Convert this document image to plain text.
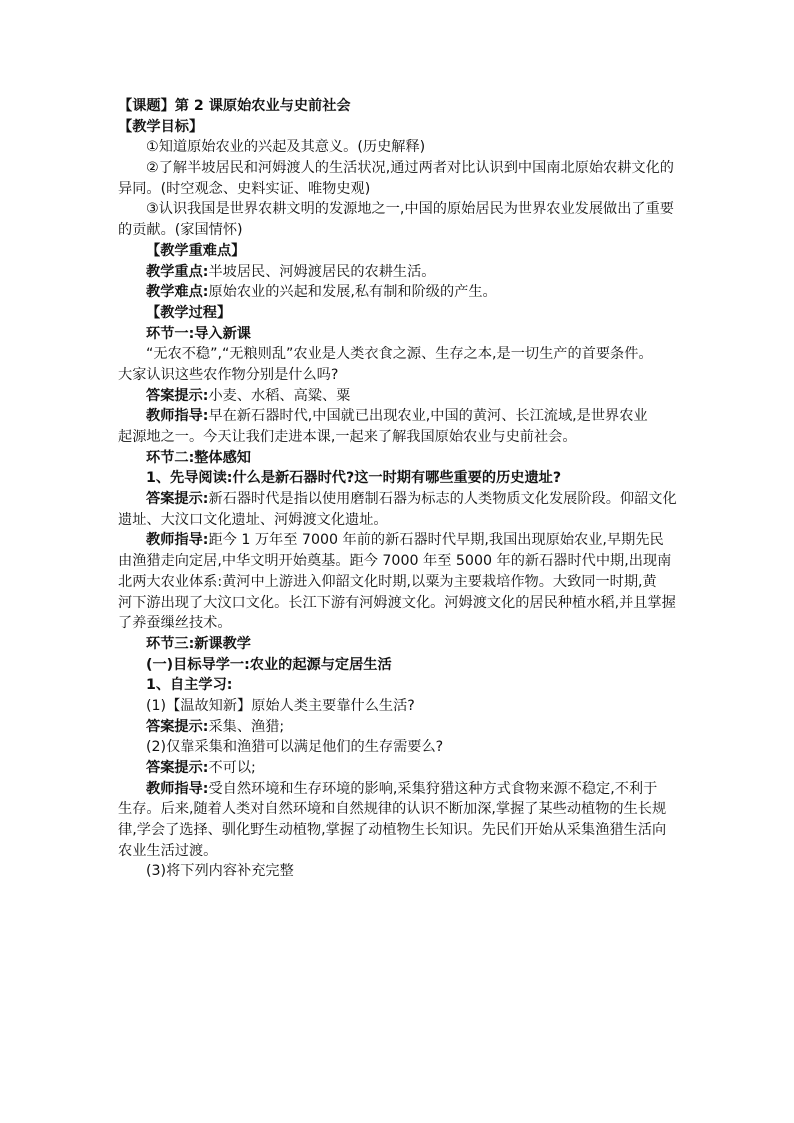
【课题】第 2 课原始农业与史前社会
【教学目标】
①知道原始农业的兴起及其意义。(历史解释)
②了解半坡居民和河姆渡人的生活状况,通过两者对比认识到中国南北原始农耕文化的
异同。(时空观念、史料实证、唯物史观)
③认识我国是世界农耕文明的发源地之一,中国的原始居民为世界农业发展做出了重要
的贡献。(家国情怀)
【教学重难点】
教学重点:半坡居民、河姆渡居民的农耕生活。
教学难点:原始农业的兴起和发展,私有制和阶级的产生。
【教学过程】
环节一:导入新课
“无农不稳”,“无粮则乱”农业是人类衣食之源、生存之本,是一切生产的首要条件。
大家认识这些农作物分别是什么吗?
答案提示:小麦、水稻、高粱、粟
教师指导:早在新石器时代,中国就已出现农业,中国的黄河、长江流域,是世界农业
起源地之一。今天让我们走进本课,一起来了解我国原始农业与史前社会。
环节二:整体感知
1、先导阅读:什么是新石器时代?这一时期有哪些重要的历史遗址?
答案提示:新石器时代是指以使用磨制石器为标志的人类物质文化发展阶段。仰韶文化
遗址、大汶口文化遗址、河姆渡文化遗址。
教师指导:距今 1 万年至 7000 年前的新石器时代早期,我国出现原始农业,早期先民
由渔猎走向定居,中华文明开始奠基。距今 7000 年至 5000 年的新石器时代中期,出现南
北两大农业体系:黄河中上游进入仰韶文化时期,以粟为主要栽培作物。大致同一时期,黄
河下游出现了大汶口文化。长江下游有河姆渡文化。河姆渡文化的居民种植水稻,并且掌握
了养蚕缫丝技术。
环节三:新课教学
(一)目标导学一:农业的起源与定居生活
1、自主学习:
(1)【温故知新】原始人类主要靠什么生活?
答案提示:采集、渔猎;
(2)仅靠采集和渔猎可以满足他们的生存需要么?
答案提示:不可以;
教师指导:受自然环境和生存环境的影响,采集狩猎这种方式食物来源不稳定,不利于
生存。后来,随着人类对自然环境和自然规律的认识不断加深,掌握了某些动植物的生长规
律,学会了选择、驯化野生动植物,掌握了动植物生长知识。先民们开始从采集渔猎生活向
农业生活过渡。
(3)将下列内容补充完整
